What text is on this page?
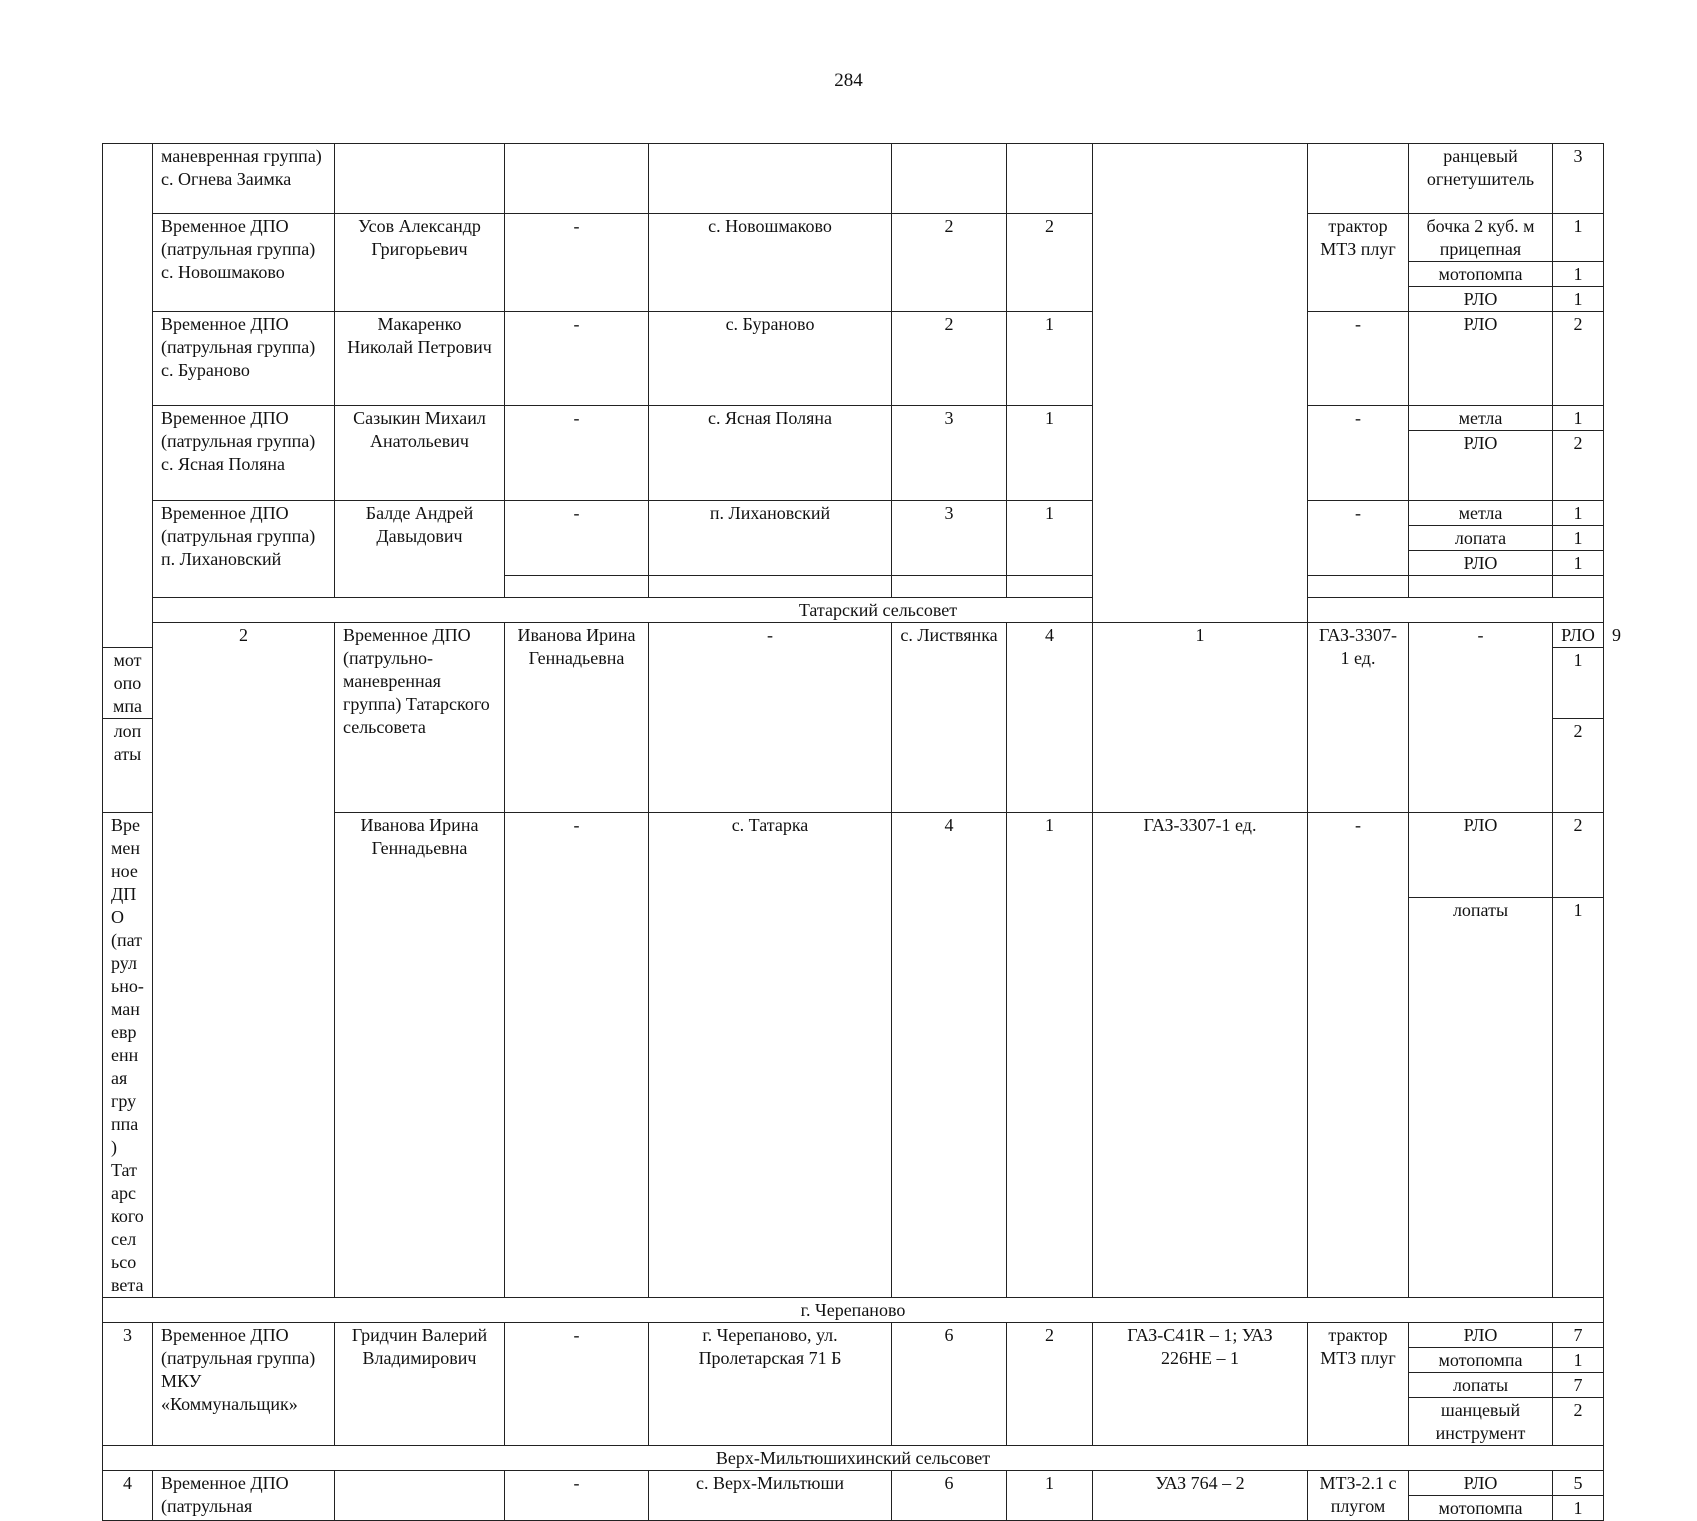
284
	маневренная группа) с. Огнева Заимка								ранцевый огнетушитель	3	
	Временное ДПО (патрульная группа) с. Новошмаково	Усов Александр Григорьевич	-	с. Новошмаково	2	2		трактор МТЗ плуг	бочка 2 куб. м прицепная	1	
									мотопомпа	1	
									РЛО	1	
	Временное ДПО (патрульная группа) с. Бураново	Макаренко Николай Петрович	-	с. Бураново	2	1		-	РЛО	2	
	Временное ДПО (патрульная группа) с. Ясная Поляна	Сазыкин Михаил Анатольевич	-	с. Ясная Поляна	3	1		-	метла	1	
									РЛО	2	
	Временное ДПО (патрульная группа) п. Лихановский	Балде Андрей Давыдович	-	п. Лихановский	3	1		-	метла	1	
									лопата	1	
									РЛО	1	

	Татарский сельсовет										
	2	Временное ДПО (патрульно-маневренная группа) Татарского сельсовета	Иванова Ирина Геннадьевна	-	с. Листвянка	4	1	ГАЗ-3307-1 ед.	-	РЛО	9
мотопомпа										1	
лопаты										2	
Временное ДПО (патрульно-маневренная группа) Татарского сельсовета		Иванова Ирина Геннадьевна	-	с. Татарка	4	1	ГАЗ-3307-1 ед.	-	РЛО	2	
									лопаты	1	
г. Черепаново											
3	Временное ДПО (патрульная группа) МКУ «Коммунальщик»	Гридчин Валерий Владимирович	-	г. Черепаново, ул. Пролетарская 71 Б	6	2	ГАЗ-С41R – 1; УАЗ 226НЕ – 1	трактор МТЗ плуг	РЛО	7	
									мотопомпа	1	
									лопаты	7	
									шанцевый инструмент	2	
Верх-Мильтюшихинский сельсовет											
4	Временное ДПО (патрульная		-	с. Верх-Мильтюши	6	1	УАЗ 764 – 2	МТЗ-2.1 с плугом	РЛО	5	
									мотопомпа	1	
